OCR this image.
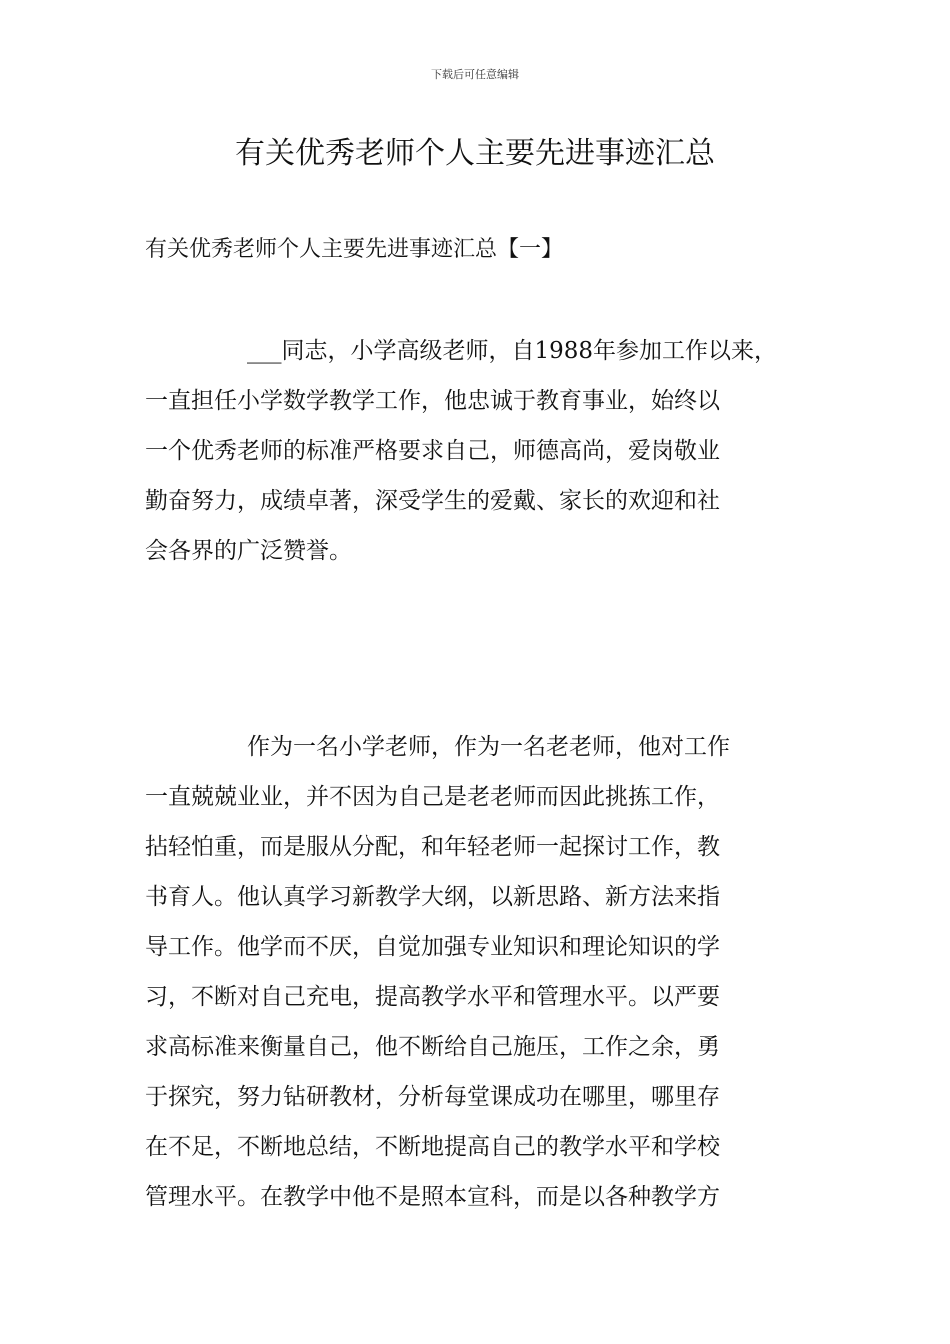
下载后可任意编辑
有关优秀老师个人主要先进事迹汇总
有关优秀老师个人主要先进事迹汇总【一】
___同志，小学高级老师，自1988年参加工作以来，
一直担任小学数学教学工作，他忠诚于教育事业，始终以
一个优秀老师的标准严格要求自己，师德高尚，爱岗敬业
勤奋努力，成绩卓著，深受学生的爱戴、家长的欢迎和社
会各界的广泛赞誉。
作为一名小学老师，作为一名老老师，他对工作
一直兢兢业业，并不因为自己是老老师而因此挑拣工作，
拈轻怕重，而是服从分配，和年轻老师一起探讨工作，教
书育人。他认真学习新教学大纲，以新思路、新方法来指
导工作。他学而不厌，自觉加强专业知识和理论知识的学
习，不断对自己充电，提高教学水平和管理水平。以严要
求高标准来衡量自己，他不断给自己施压，工作之余，勇
于探究，努力钻研教材，分析每堂课成功在哪里，哪里存
在不足，不断地总结，不断地提高自己的教学水平和学校
管理水平。在教学中他不是照本宣科，而是以各种教学方
